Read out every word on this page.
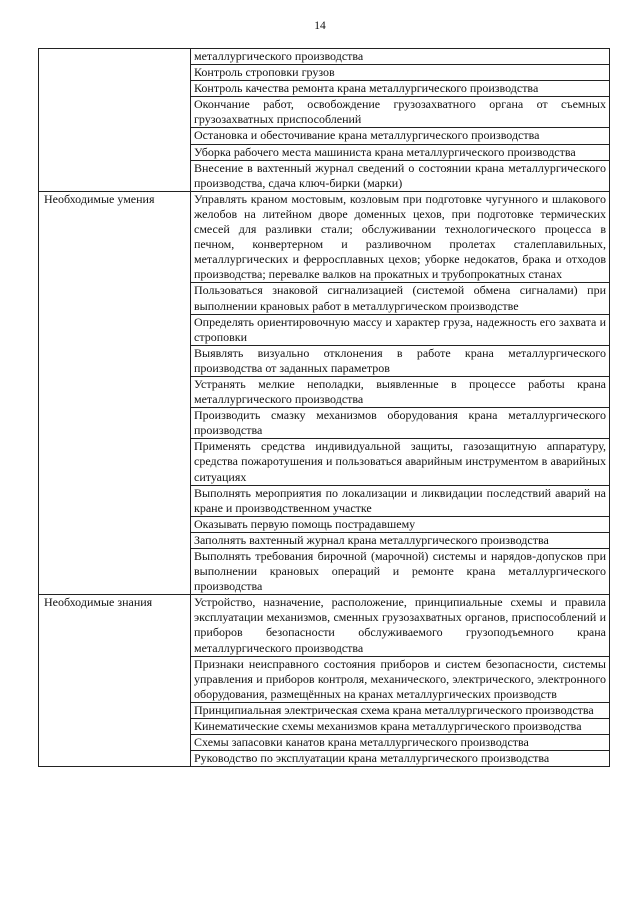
14
	металлургического производства
	Контроль строповки грузов
	Контроль качества ремонта крана металлургического производства
	Окончание работ, освобождение грузозахватного органа от съемных грузозахватных приспособлений
	Остановка и обесточивание крана металлургического производства
	Уборка рабочего места машиниста крана металлургического производства
	Внесение в вахтенный журнал сведений о состоянии крана металлургического производства, сдача ключ-бирки (марки)
Необходимые умения	Управлять краном мостовым, козловым при подготовке чугунного и шлакового желобов на литейном дворе доменных цехов, при подготовке термических смесей для разливки стали; обслуживании технологического процесса в печном, конвертерном и разливочном пролетах сталеплавильных, металлургических и ферросплавных цехов; уборке недокатов, брака и отходов производства; перевалке валков на прокатных и трубопрокатных станах
	Пользоваться знаковой сигнализацией (системой обмена сигналами) при выполнении крановых работ в металлургическом производстве
	Определять ориентировочную массу и характер груза, надежность его захвата и строповки
	Выявлять визуально отклонения в работе крана металлургического производства от заданных параметров
	Устранять мелкие неполадки, выявленные в процессе работы крана металлургического производства
	Производить смазку механизмов оборудования крана металлургического производства
	Применять средства индивидуальной защиты, газозащитную аппаратуру, средства пожаротушения и пользоваться аварийным инструментом в аварийных ситуациях
	Выполнять мероприятия по локализации и ликвидации последствий аварий на кране и производственном участке
	Оказывать первую помощь пострадавшему
	Заполнять вахтенный журнал крана металлургического производства
	Выполнять требования бирочной (марочной) системы и нарядов-допусков при выполнении крановых операций и ремонте крана металлургического производства
Необходимые знания	Устройство, назначение, расположение, принципиальные схемы и правила эксплуатации механизмов, сменных грузозахватных органов, приспособлений и приборов безопасности обслуживаемого грузоподъемного крана металлургического производства
	Признаки неисправного состояния приборов и систем безопасности, системы управления и приборов контроля, механического, электрического, электронного оборудования, размещённых на кранах металлургических производств
	Принципиальная электрическая схема крана металлургического производства
	Кинематические схемы механизмов крана металлургического производства
	Схемы запасовки канатов крана металлургического производства
	Руководство по эксплуатации крана металлургического производства
